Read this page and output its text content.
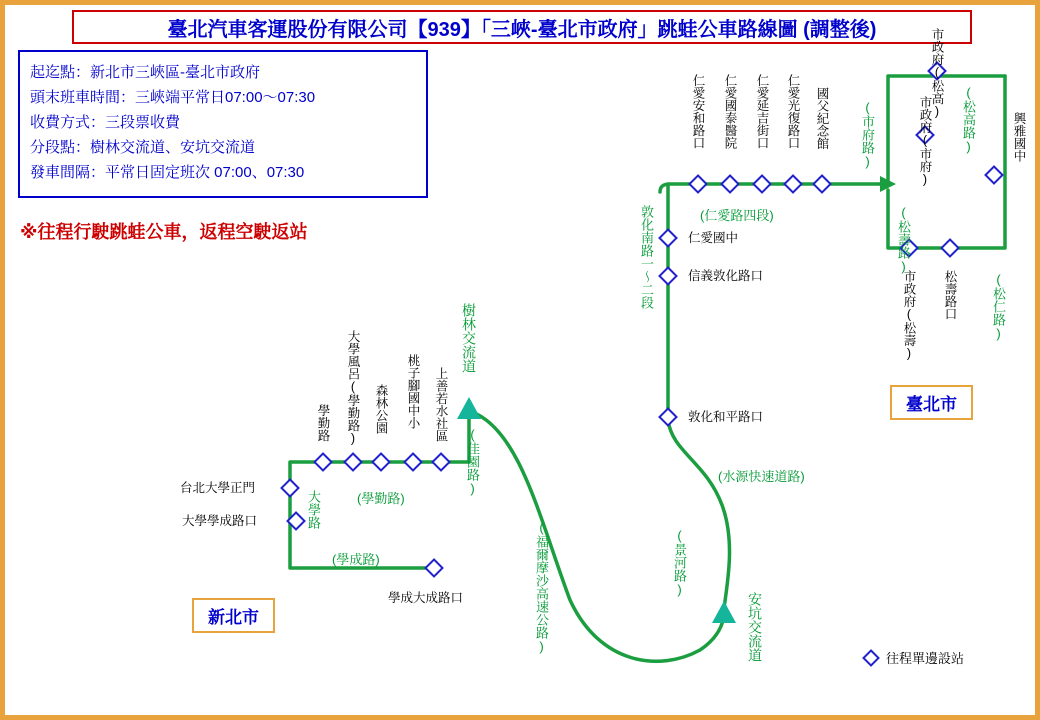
臺北汽車客運股份有限公司【939】「三峽-臺北市政府」跳蛙公車路線圖 (調整後)
起迄點：新北市三峽區-臺北市政府
頭末班車時間：三峽端平常日07:00～07:30
收費方式：三段票收費
分段點：樹林交流道、安坑交流道
發車間隔：平常日固定班次 07:00、07:30
※往程行駛跳蛙公車，返程空駛返站
臺北市
新北市
往程單邊設站
台北大學正門
大學學成路口
學成大成路口
學勤路 大學風呂(學勤路) 森林公園 桃子腳國中小 上善若水社區
仁愛安和路口 仁愛國泰醫院 仁愛延吉街口 仁愛光復路口 國父紀念館
仁愛國中
信義敦化路口
敦化和平路口
市政府(松高)
市政府(市府)	興雅國中
市政府(松壽) 松壽路口
樹林交流道
安坑交流道
(學勤路)
(學成路)
大學路
(佳園路)
(福爾摩沙高速公路)	(景河路)
(水源快速道路)
敦化南路一～二段	(仁愛路四段)
(市府路)	(松高路)
(松壽路)
(松仁路)
